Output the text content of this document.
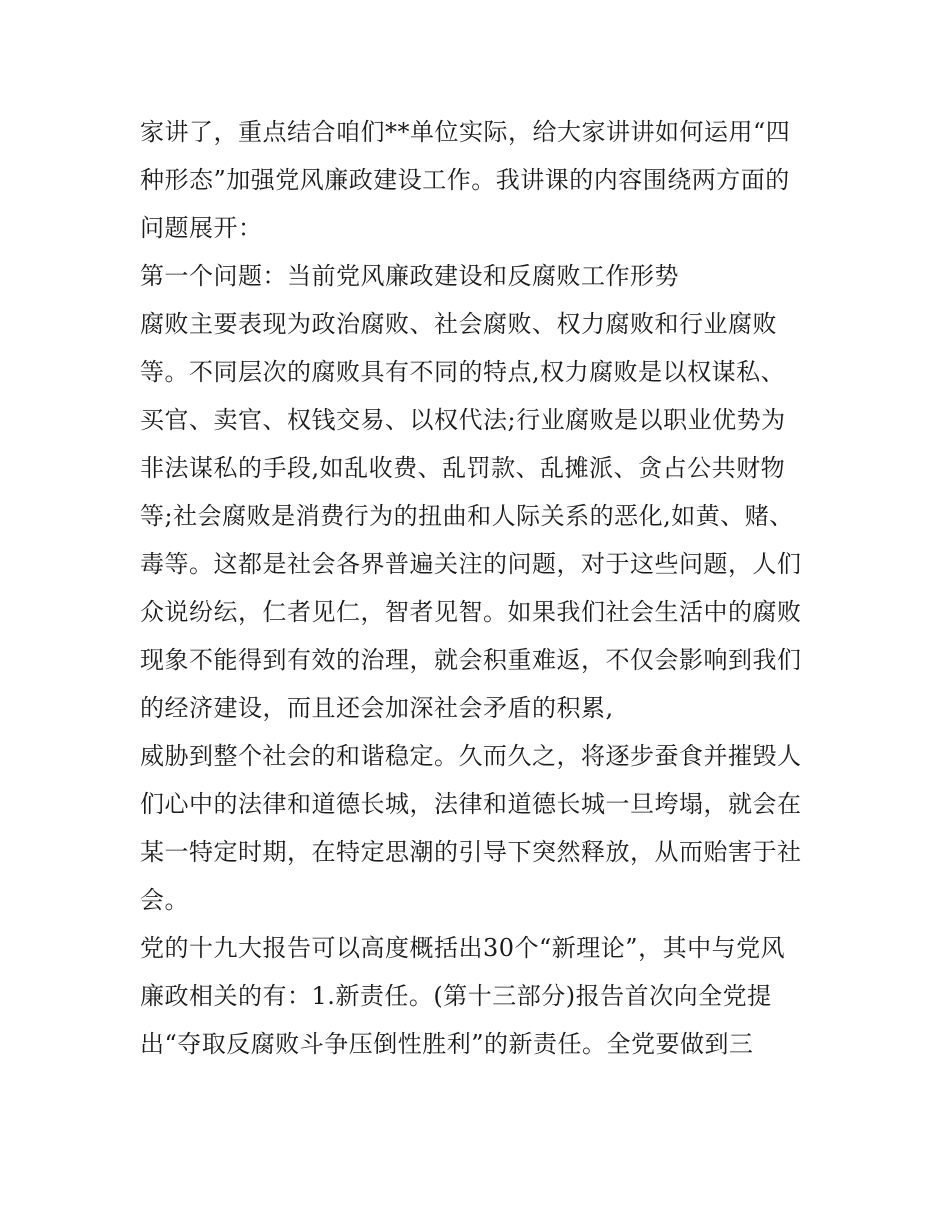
家讲了，重点结合咱们**单位实际，给大家讲讲如何运用“四
种形态”加强党风廉政建设工作。我讲课的内容围绕两方面的
问题展开：
第一个问题：当前党风廉政建设和反腐败工作形势
腐败主要表现为政治腐败、社会腐败、权力腐败和行业腐败
等。不同层次的腐败具有不同的特点,权力腐败是以权谋私、
买官、卖官、权钱交易、以权代法;行业腐败是以职业优势为
非法谋私的手段,如乱收费、乱罚款、乱摊派、贪占公共财物
等;社会腐败是消费行为的扭曲和人际关系的恶化,如黄、赌、
毒等。这都是社会各界普遍关注的问题，对于这些问题，人们
众说纷纭，仁者见仁，智者见智。如果我们社会生活中的腐败
现象不能得到有效的治理，就会积重难返，不仅会影响到我们
的经济建设，而且还会加深社会矛盾的积累,
威胁到整个社会的和谐稳定。久而久之，将逐步蚕食并摧毁人
们心中的法律和道德长城，法律和道德长城一旦垮塌，就会在
某一特定时期，在特定思潮的引导下突然释放，从而贻害于社
会。
党的十九大报告可以高度概括出30个“新理论”，其中与党风
廉政相关的有：1.新责任。(第十三部分)报告首次向全党提
出“夺取反腐败斗争压倒性胜利”的新责任。全党要做到三
